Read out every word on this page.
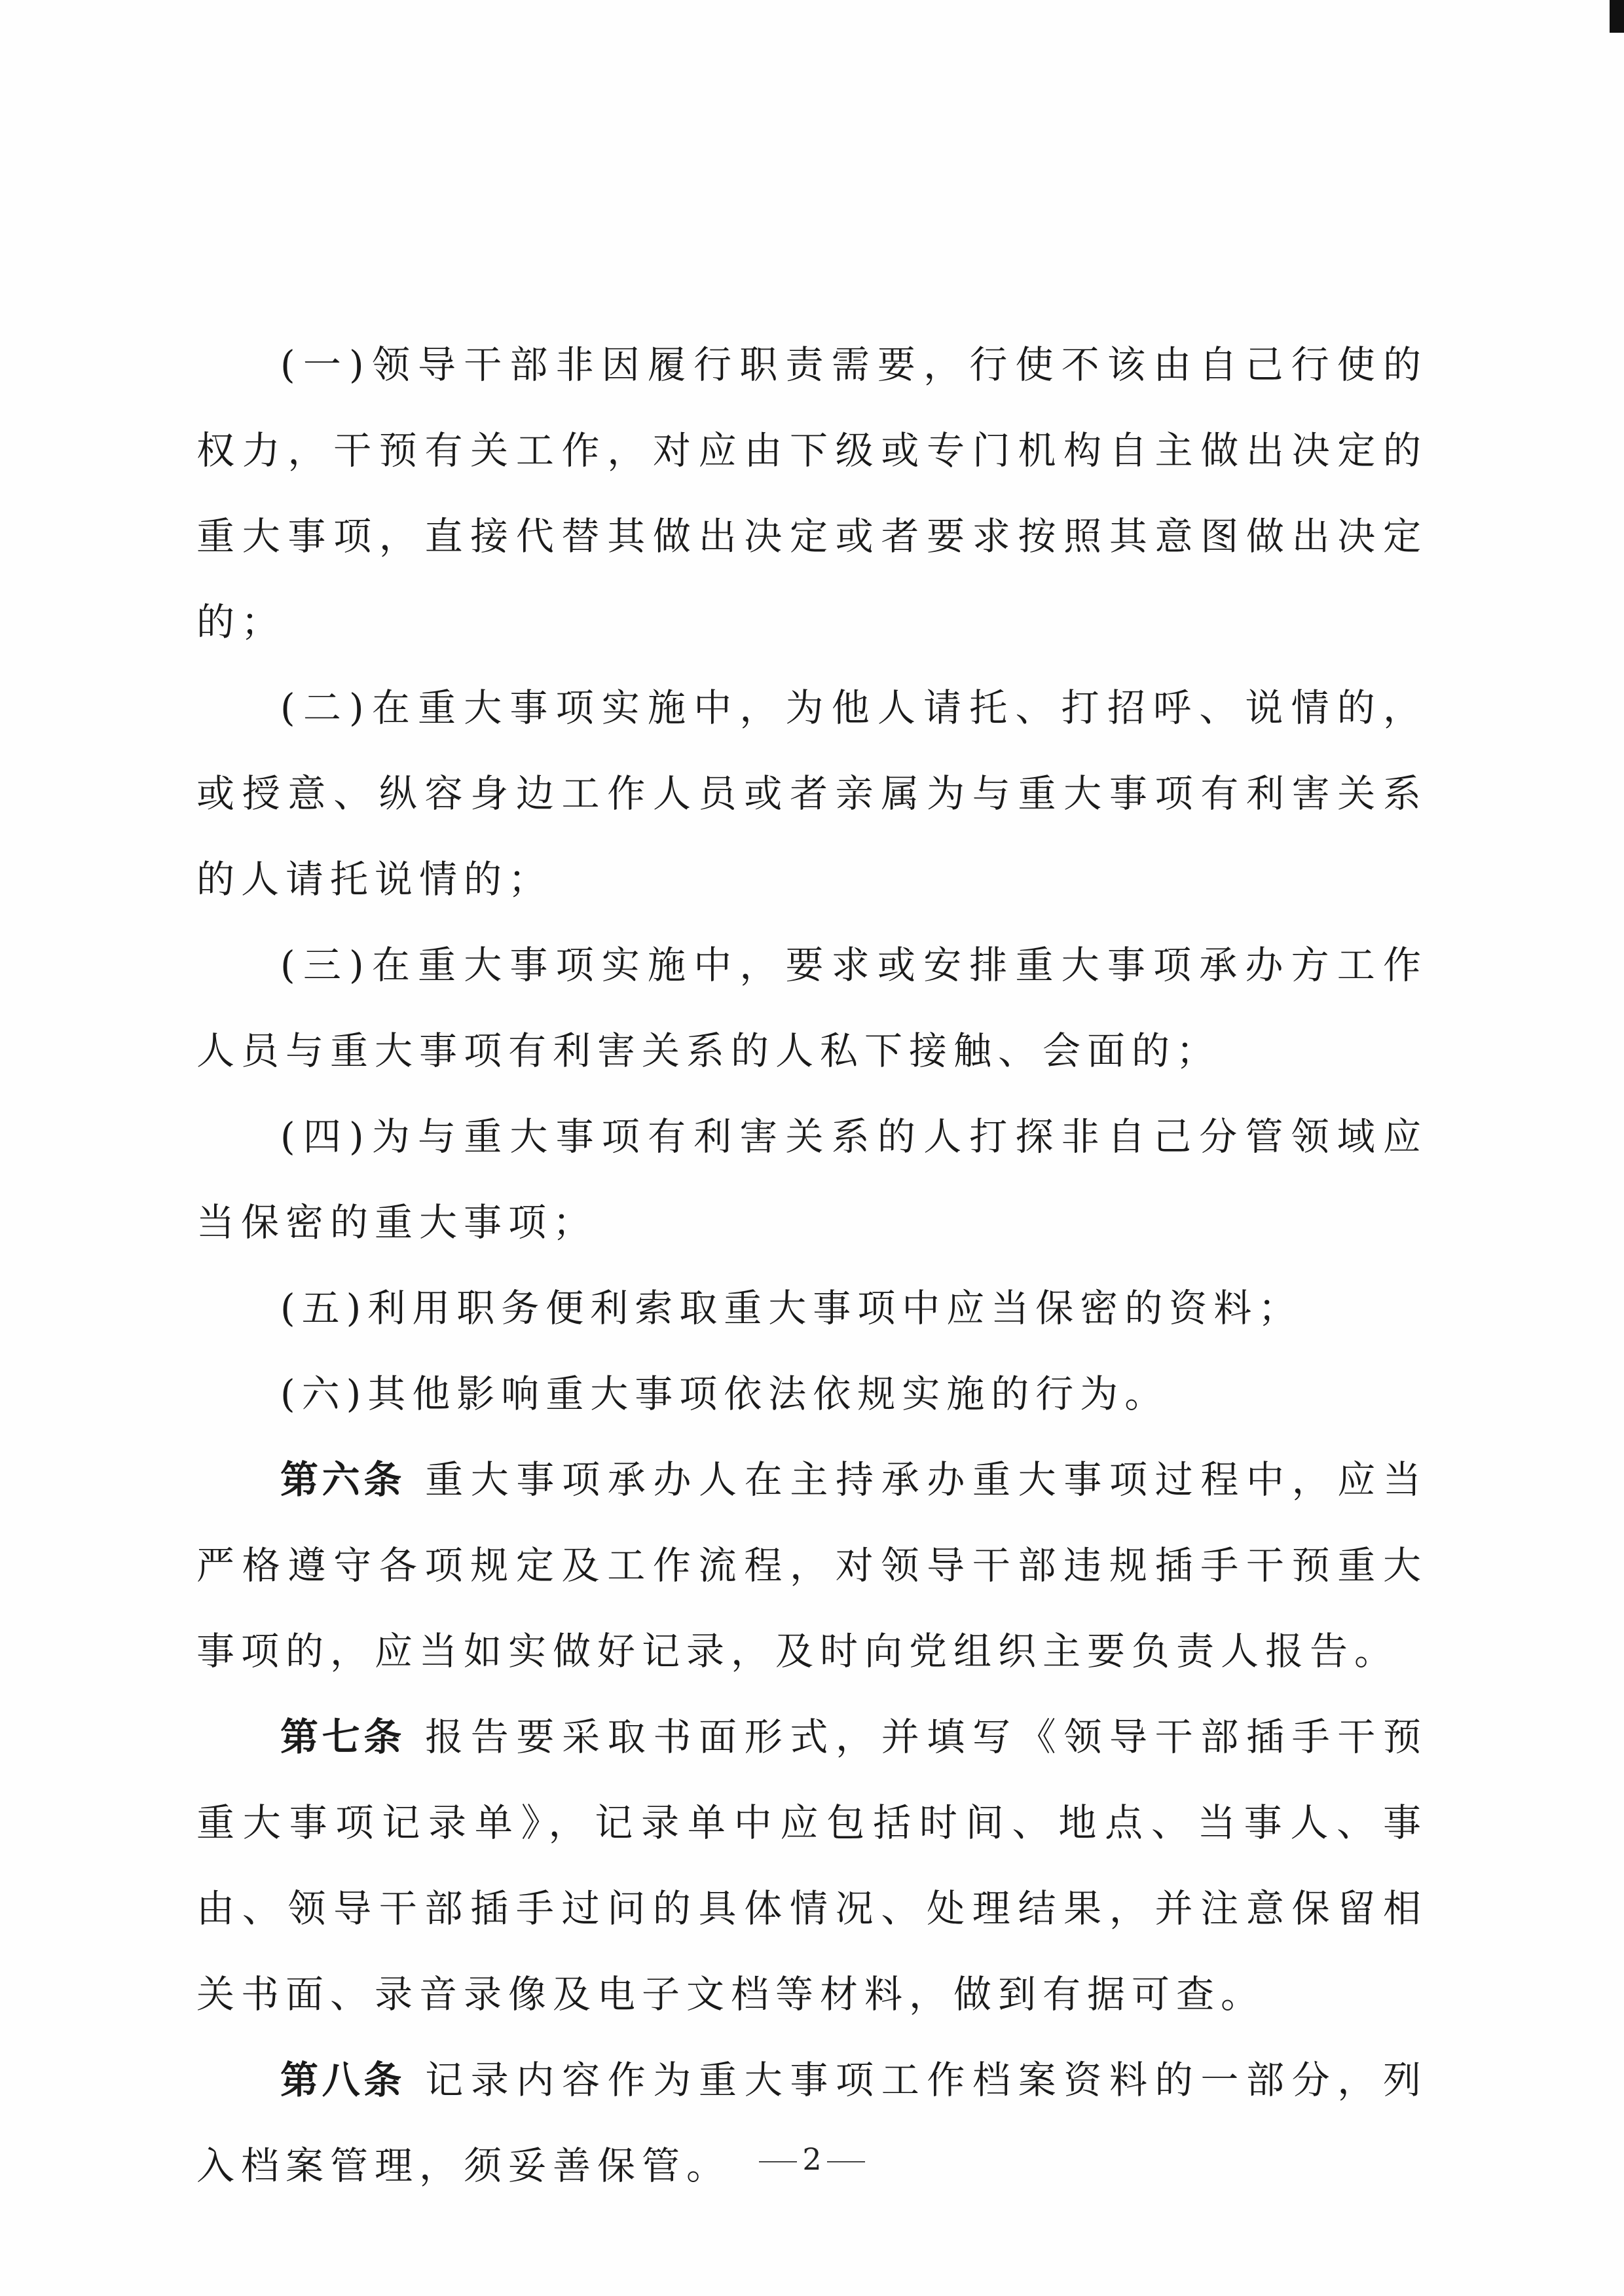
(一)领导干部非因履行职责需要，行使不该由自己行使的权力，干预有关工作，对应由下级或专门机构自主做出决定的重大事项，直接代替其做出决定或者要求按照其意图做出决定的；

(二)在重大事项实施中，为他人请托、打招呼、说情的，或授意、纵容身边工作人员或者亲属为与重大事项有利害关系的人请托说情的；

(三)在重大事项实施中，要求或安排重大事项承办方工作人员与重大事项有利害关系的人私下接触、会面的；

(四)为与重大事项有利害关系的人打探非自己分管领域应当保密的重大事项；

(五)利用职务便利索取重大事项中应当保密的资料；

(六)其他影响重大事项依法依规实施的行为。

第六条 重大事项承办人在主持承办重大事项过程中，应当严格遵守各项规定及工作流程，对领导干部违规插手干预重大事项的，应当如实做好记录，及时向党组织主要负责人报告。

第七条 报告要采取书面形式，并填写《领导干部插手干预重大事项记录单》，记录单中应包括时间、地点、当事人、事由、领导干部插手过问的具体情况、处理结果，并注意保留相关书面、录音录像及电子文档等材料，做到有据可查。

第八条 记录内容作为重大事项工作档案资料的一部分，列入档案管理，须妥善保管。	2
